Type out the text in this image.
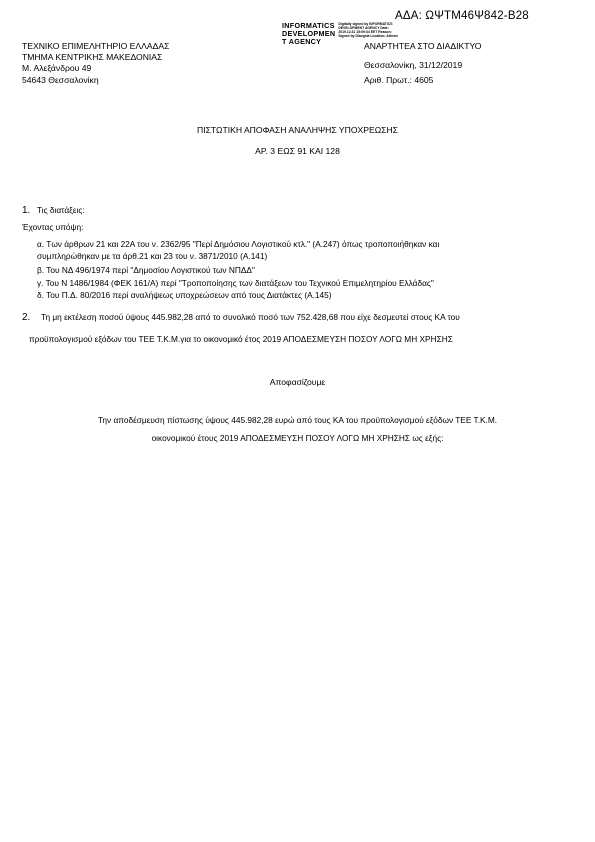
ΑΔΑ: ΩΨΤΜ46Ψ842-Β28
ΤΕΧΝΙΚΟ ΕΠΙΜΕΛΗΤΗΡΙΟ ΕΛΛΑΔΑΣ
ΤΜΗΜΑ ΚΕΝΤΡΙΚΗΣ ΜΑΚΕΔΟΝΙΑΣ
Μ. Αλεξάνδρου 49
54643 Θεσσαλονίκη
INFORMATICS
DEVELOPMEN
T AGENCY
Digitally signed by INFORMATICS DEVELOPMENT AGENCY Date: 2019.12.31 15:09:34 EET Reason: Signed by Diavgeia Location: Athens
ΑΝΑΡΤΗΤΕΑ ΣΤΟ ΔΙΑΔΙΚΤΥΟ
Θεσσαλονίκη, 31/12/2019
Αριθ. Πρωτ.: 4605
ΠΙΣΤΩΤΙΚΗ ΑΠΟΦΑΣΗ ΑΝΑΛΗΨΗΣ ΥΠΟΧΡΕΩΣΗΣ
ΑΡ. 3 ΕΩΣ 91 ΚΑΙ 128
1. Τις διατάξεις:
Έχοντας υπόψη:
α. Των άρθρων 21 και 22Α του ν. 2362/95 "Περί Δημόσιου Λογιστικού κτλ." (Α.247) όπως τροποποιήθηκαν και
συμπληρώθηκαν με τα άρθ.21 και 23 του ν. 3871/2010 (Α.141)
β. Του ΝΔ 496/1974 περί "Δημοσίου Λογιστικού των ΝΠΔΔ"
γ. Του Ν 1486/1984 (ΦΕΚ 161/Α) περί "Τροποποίησης των διατάξεων του Τεχνικού Επιμελητηρίου Ελλάδας"
δ. Του Π.Δ. 80/2016 περί αναλήψεως υποχρεώσεων από τους Διατάκτες (Α.145)
2. Τη μη εκτέλεση ποσού ύψους 445.982,28 από το συνολικό ποσό των 752.428,68 που είχε δεσμευτεί στους ΚΑ του
προϋπολογισμού εξόδων του ΤΕΕ Τ.Κ.Μ.για το οικονομικό έτος 2019 ΑΠΟΔΕΣΜΕΥΣΗ ΠΟΣΟΥ ΛΟΓΩ ΜΗ ΧΡΗΣΗΣ
Αποφασίζουμε
Την αποδέσμευση πίστωσης ύψους 445.982,28 ευρώ από τους ΚΑ του προϋπολογισμού εξόδων ΤΕΕ Τ.Κ.Μ.
οικονομικού έτους 2019 ΑΠΟΔΕΣΜΕΥΣΗ ΠΟΣΟΥ ΛΟΓΩ ΜΗ ΧΡΗΣΗΣ ως εξής:
